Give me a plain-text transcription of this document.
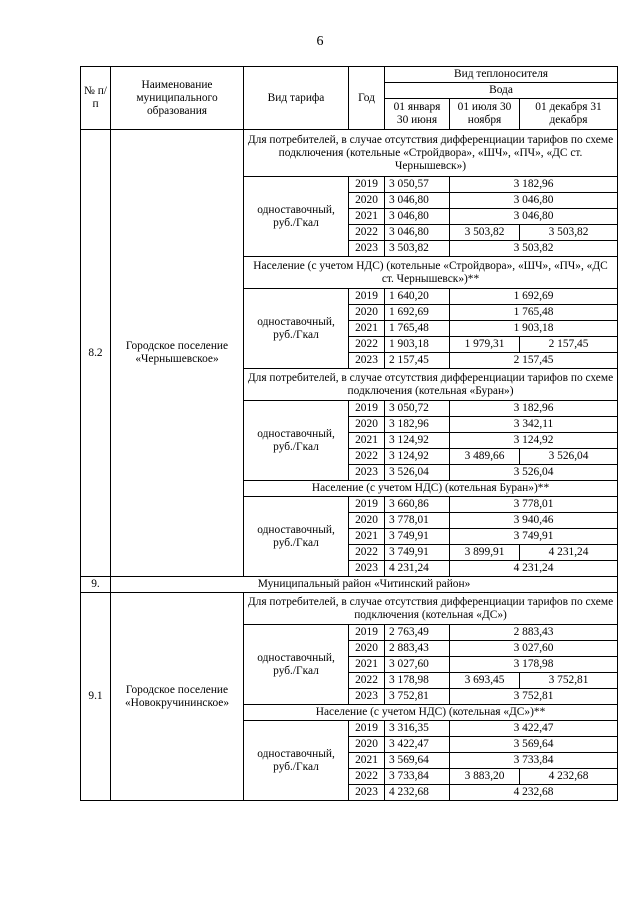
6
№ п/п	Наименование муниципального образования	Вид тарифа	Год	Вид теплоносителя		
				Вода		
				01 января 30 июня	01 июля 30 ноября	01 декабря 31 декабря
8.2	Городское поселение «Чернышевское»	Для потребителей, в случае отсутствия дифференциации тарифов по схеме подключения (котельные «Стройдвора», «ШЧ», «ПЧ», «ДС ст. Чернышевск»)				
		одноставочный, руб./Гкал	2019	3 050,57	3 182,96	
			2020	3 046,80	3 046,80	
			2021	3 046,80	3 046,80	
			2022	3 046,80	3 503,82	3 503,82
			2023	3 503,82	3 503,82	
		Население (с учетом НДС) (котельные «Стройдвора», «ШЧ», «ПЧ», «ДС ст. Чернышевск»)**				
		одноставочный, руб./Гкал	2019	1 640,20	1 692,69	
			2020	1 692,69	1 765,48	
			2021	1 765,48	1 903,18	
			2022	1 903,18	1 979,31	2 157,45
			2023	2 157,45	2 157,45	
		Для потребителей, в случае отсутствия дифференциации тарифов по схеме подключения (котельная «Буран»)				
		одноставочный, руб./Гкал	2019	3 050,72	3 182,96	
			2020	3 182,96	3 342,11	
			2021	3 124,92	3 124,92	
			2022	3 124,92	3 489,66	3 526,04
			2023	3 526,04	3 526,04	
		Население (с учетом НДС) (котельная Буран»)**				
		одноставочный, руб./Гкал	2019	3 660,86	3 778,01	
			2020	3 778,01	3 940,46	
			2021	3 749,91	3 749,91	
			2022	3 749,91	3 899,91	4 231,24
			2023	4 231,24	4 231,24	
9.	Муниципальный район «Читинский район»					
9.1	Городское поселение «Новокручининское»	Для потребителей, в случае отсутствия дифференциации тарифов по схеме подключения (котельная «ДС»)				
		одноставочный, руб./Гкал	2019	2 763,49	2 883,43	
			2020	2 883,43	3 027,60	
			2021	3 027,60	3 178,98	
			2022	3 178,98	3 693,45	3 752,81
			2023	3 752,81	3 752,81	
		Население (с учетом НДС) (котельная «ДС»)**				
		одноставочный, руб./Гкал	2019	3 316,35	3 422,47	
			2020	3 422,47	3 569,64	
			2021	3 569,64	3 733,84	
			2022	3 733,84	3 883,20	4 232,68
			2023	4 232,68	4 232,68	
